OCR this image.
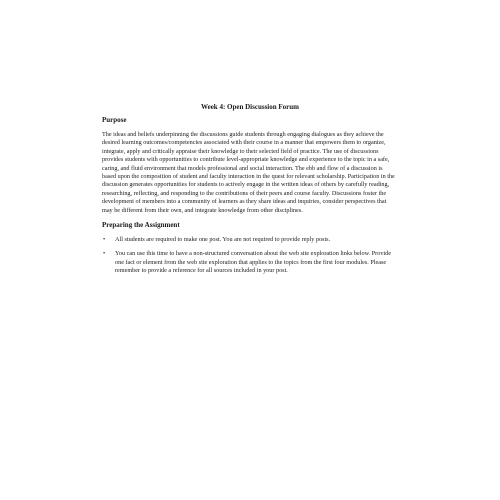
Week 4: Open Discussion Forum
Purpose
The ideas and beliefs underpinning the discussions guide students through engaging dialogues as they achieve the desired learning outcomes/competencies associated with their course in a manner that empowers them to organize, integrate, apply and critically appraise their knowledge to their selected field of practice. The use of discussions provides students with opportunities to contribute level-appropriate knowledge and experience to the topic in a safe, caring, and fluid environment that models professional and social interaction. The ebb and flow of a discussion is based upon the composition of student and faculty interaction in the quest for relevant scholarship. Participation in the discussion generates opportunities for students to actively engage in the written ideas of others by carefully reading, researching, reflecting, and responding to the contributions of their peers and course faculty. Discussions foster the development of members into a community of learners as they share ideas and inquiries, consider perspectives that may be different from their own, and integrate knowledge from other disciplines.
Preparing the Assignment
• All students are required to make one post. You are not required to provide reply posts.
• You can use this time to have a non-structured conversation about the web site exploration links below. Provide one fact or element from the web site exploration that applies to the topics from the first four modules. Please remember to provide a reference for all sources included in your post.
